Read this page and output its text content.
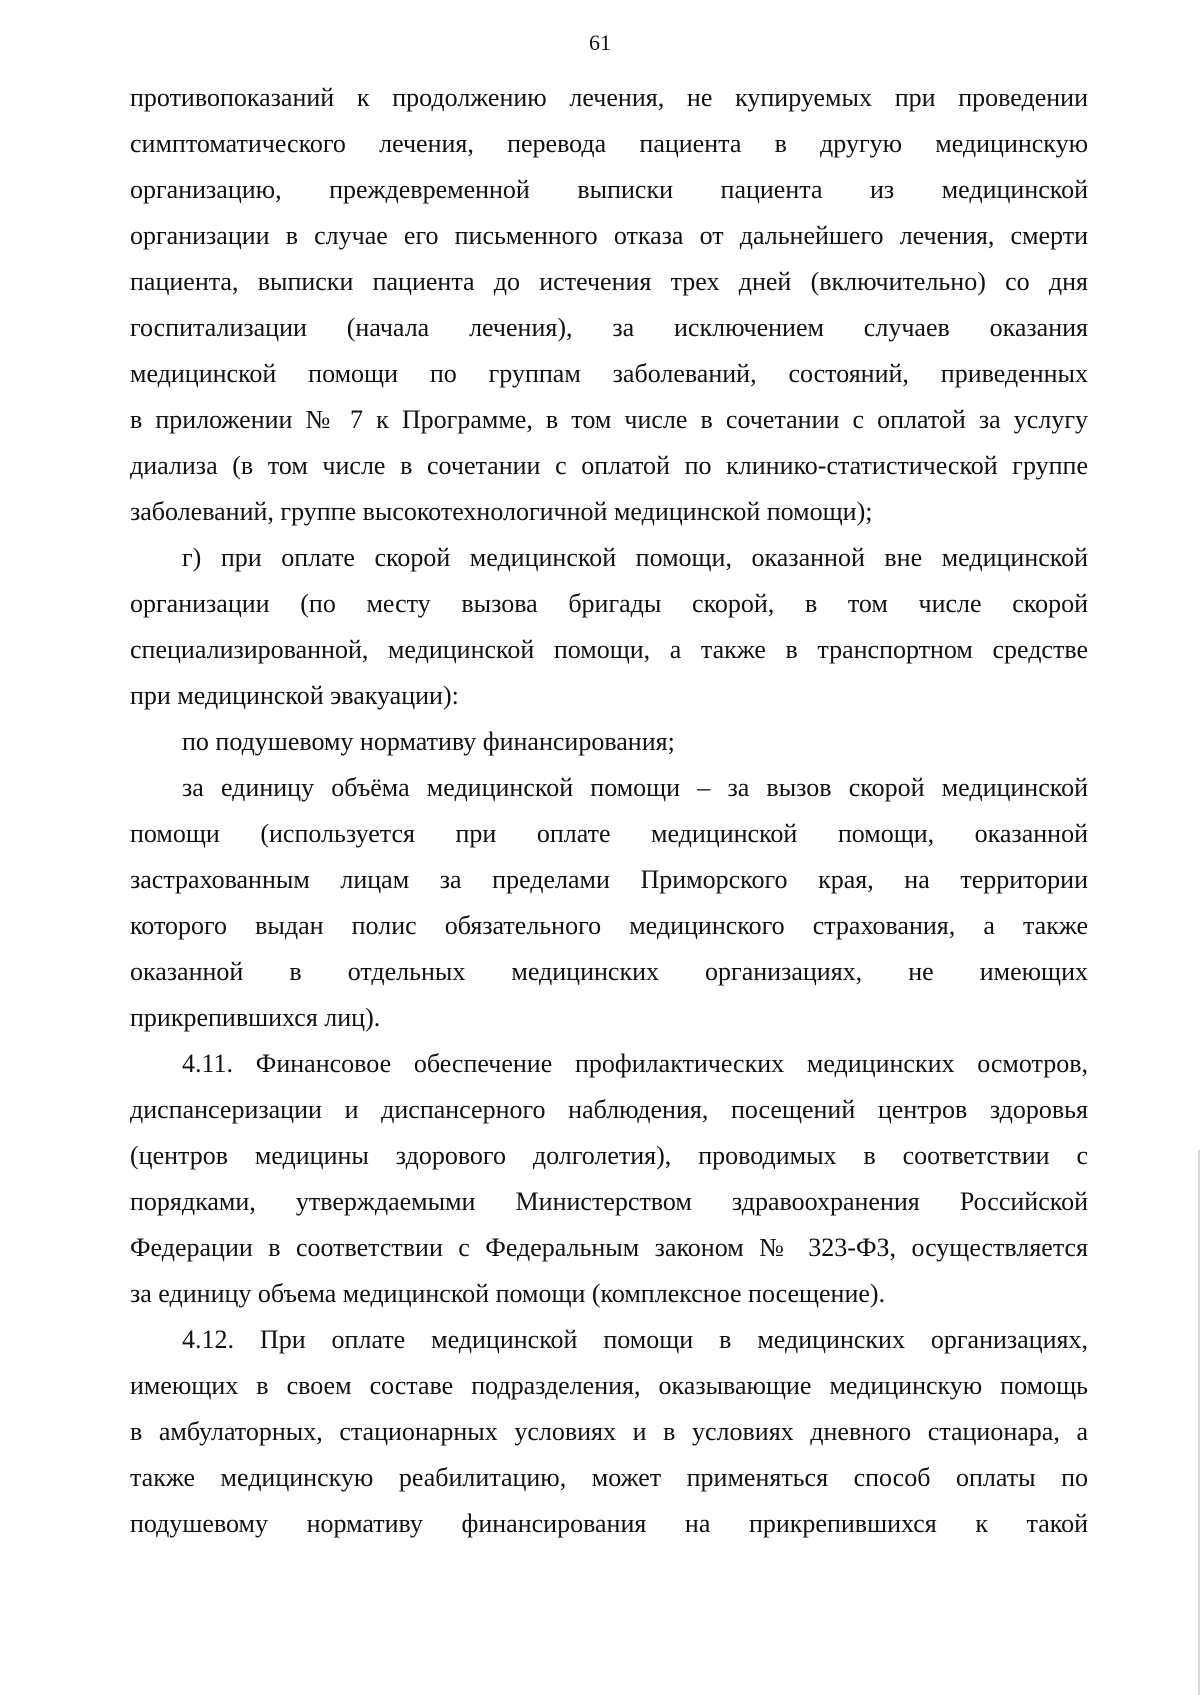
61
противопоказаний к продолжению лечения, не купируемых при проведении
симптоматического лечения, перевода пациента в другую медицинскую
организацию, преждевременной выписки пациента из медицинской
организации в случае его письменного отказа от дальнейшего лечения, смерти
пациента, выписки пациента до истечения трех дней (включительно) со дня
госпитализации (начала лечения), за исключением случаев оказания
медицинской помощи по группам заболеваний, состояний, приведенных
в приложении № 7 к Программе, в том числе в сочетании с оплатой за услугу
диализа (в том числе в сочетании с оплатой по клинико-статистической группе
заболеваний, группе высокотехнологичной медицинской помощи);
г) при оплате скорой медицинской помощи, оказанной вне медицинской
организации (по месту вызова бригады скорой, в том числе скорой
специализированной, медицинской помощи, а также в транспортном средстве
при медицинской эвакуации):
по подушевому нормативу финансирования;
за единицу объёма медицинской помощи – за вызов скорой медицинской
помощи (используется при оплате медицинской помощи, оказанной
застрахованным лицам за пределами Приморского края, на территории
которого выдан полис обязательного медицинского страхования, а также
оказанной в отдельных медицинских организациях, не имеющих
прикрепившихся лиц).
4.11. Финансовое обеспечение профилактических медицинских осмотров,
диспансеризации и диспансерного наблюдения, посещений центров здоровья
(центров медицины здорового долголетия), проводимых в соответствии с
порядками, утверждаемыми Министерством здравоохранения Российской
Федерации в соответствии с Федеральным законом № 323-ФЗ, осуществляется
за единицу объема медицинской помощи (комплексное посещение).
4.12. При оплате медицинской помощи в медицинских организациях,
имеющих в своем составе подразделения, оказывающие медицинскую помощь
в амбулаторных, стационарных условиях и в условиях дневного стационара, а
также медицинскую реабилитацию, может применяться способ оплаты по
подушевому нормативу финансирования на прикрепившихся к такой
